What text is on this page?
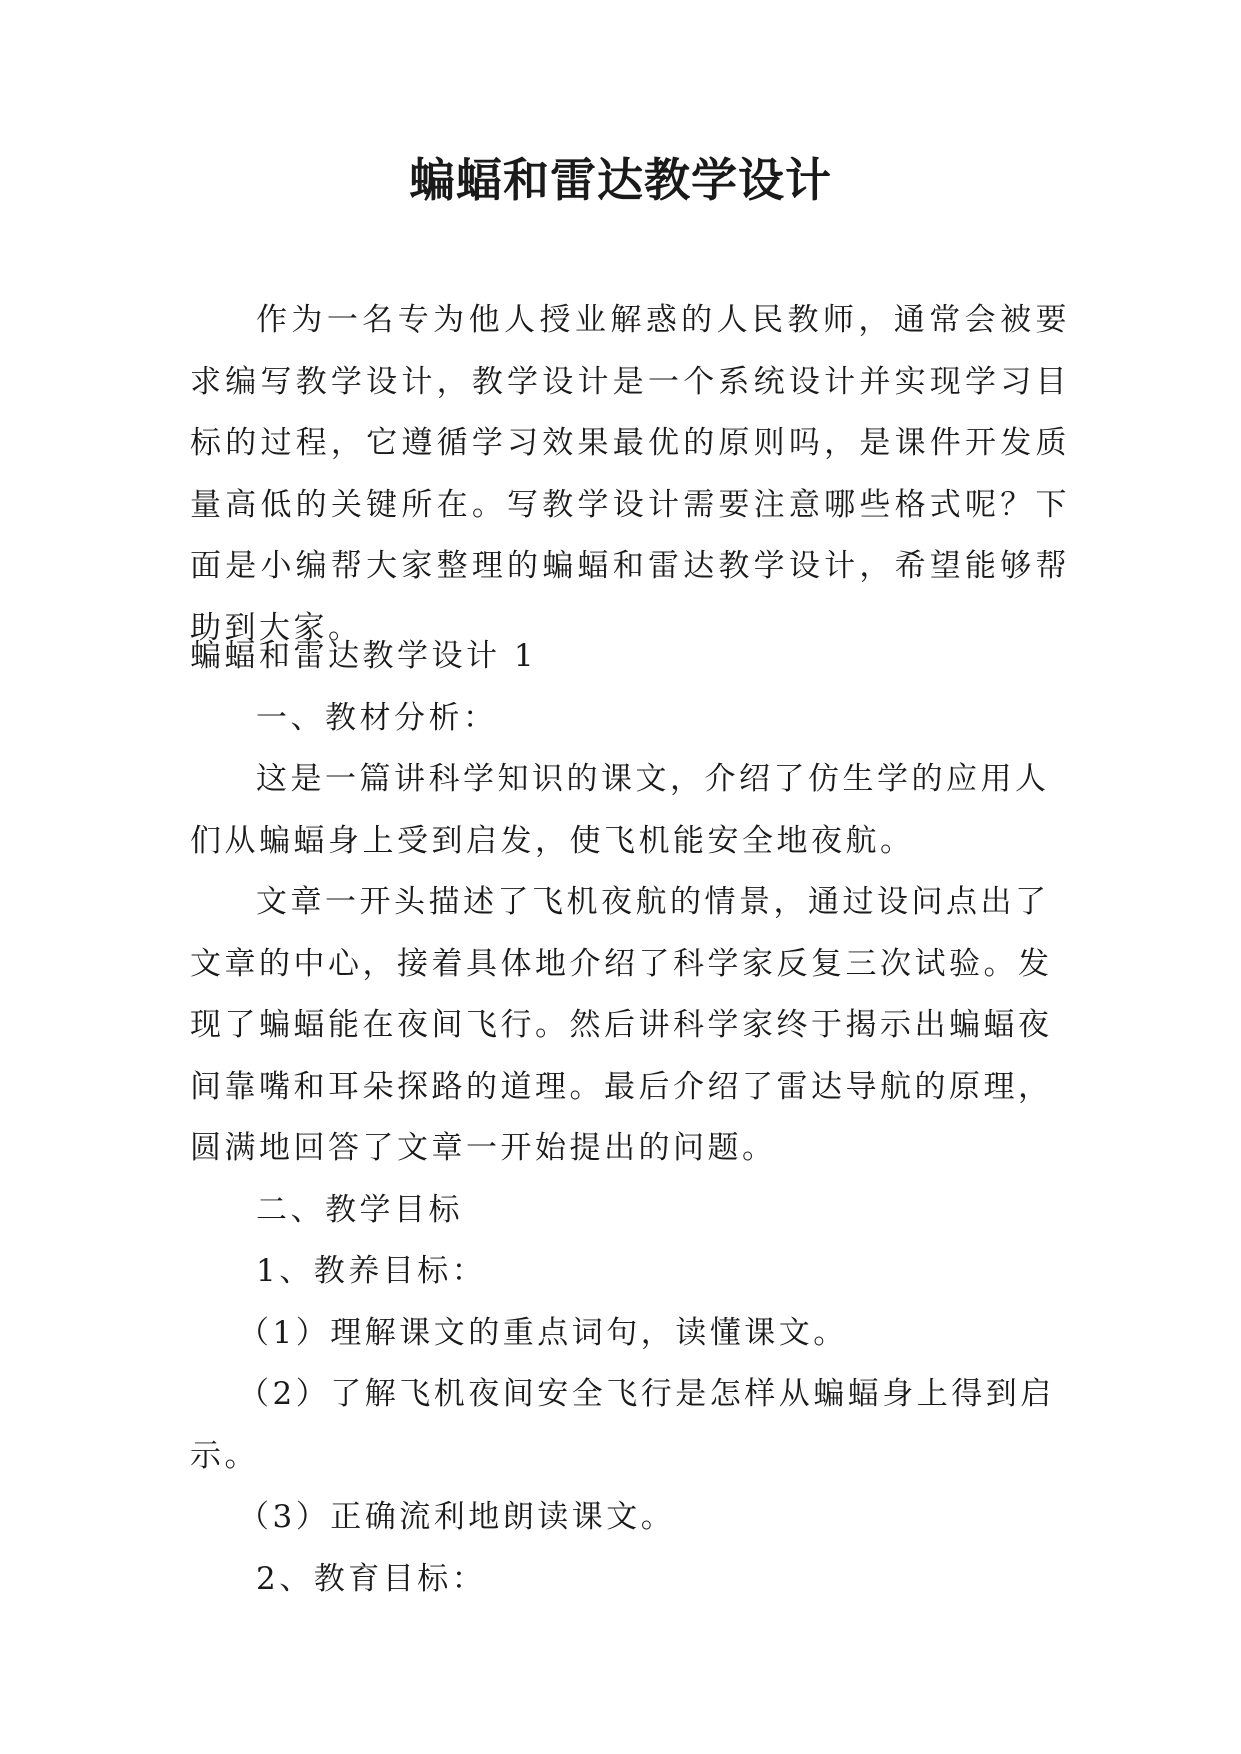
蝙蝠和雷达教学设计

作为一名专为他人授业解惑的人民教师，通常会被要求编写教学设计，教学设计是一个系统设计并实现学习目标的过程，它遵循学习效果最优的原则吗，是课件开发质量高低的关键所在。写教学设计需要注意哪些格式呢？下面是小编帮大家整理的蝙蝠和雷达教学设计，希望能够帮助到大家。

蝙蝠和雷达教学设计 1

一、教材分析：

这是一篇讲科学知识的课文，介绍了仿生学的应用人们从蝙蝠身上受到启发，使飞机能安全地夜航。

文章一开头描述了飞机夜航的情景，通过设问点出了文章的中心，接着具体地介绍了科学家反复三次试验。发现了蝙蝠能在夜间飞行。然后讲科学家终于揭示出蝙蝠夜间靠嘴和耳朵探路的道理。最后介绍了雷达导航的原理，圆满地回答了文章一开始提出的问题。

二、教学目标

1、教养目标：

（1）理解课文的重点词句，读懂课文。

（2）了解飞机夜间安全飞行是怎样从蝙蝠身上得到启示。

（3）正确流利地朗读课文。

2、教育目标：
